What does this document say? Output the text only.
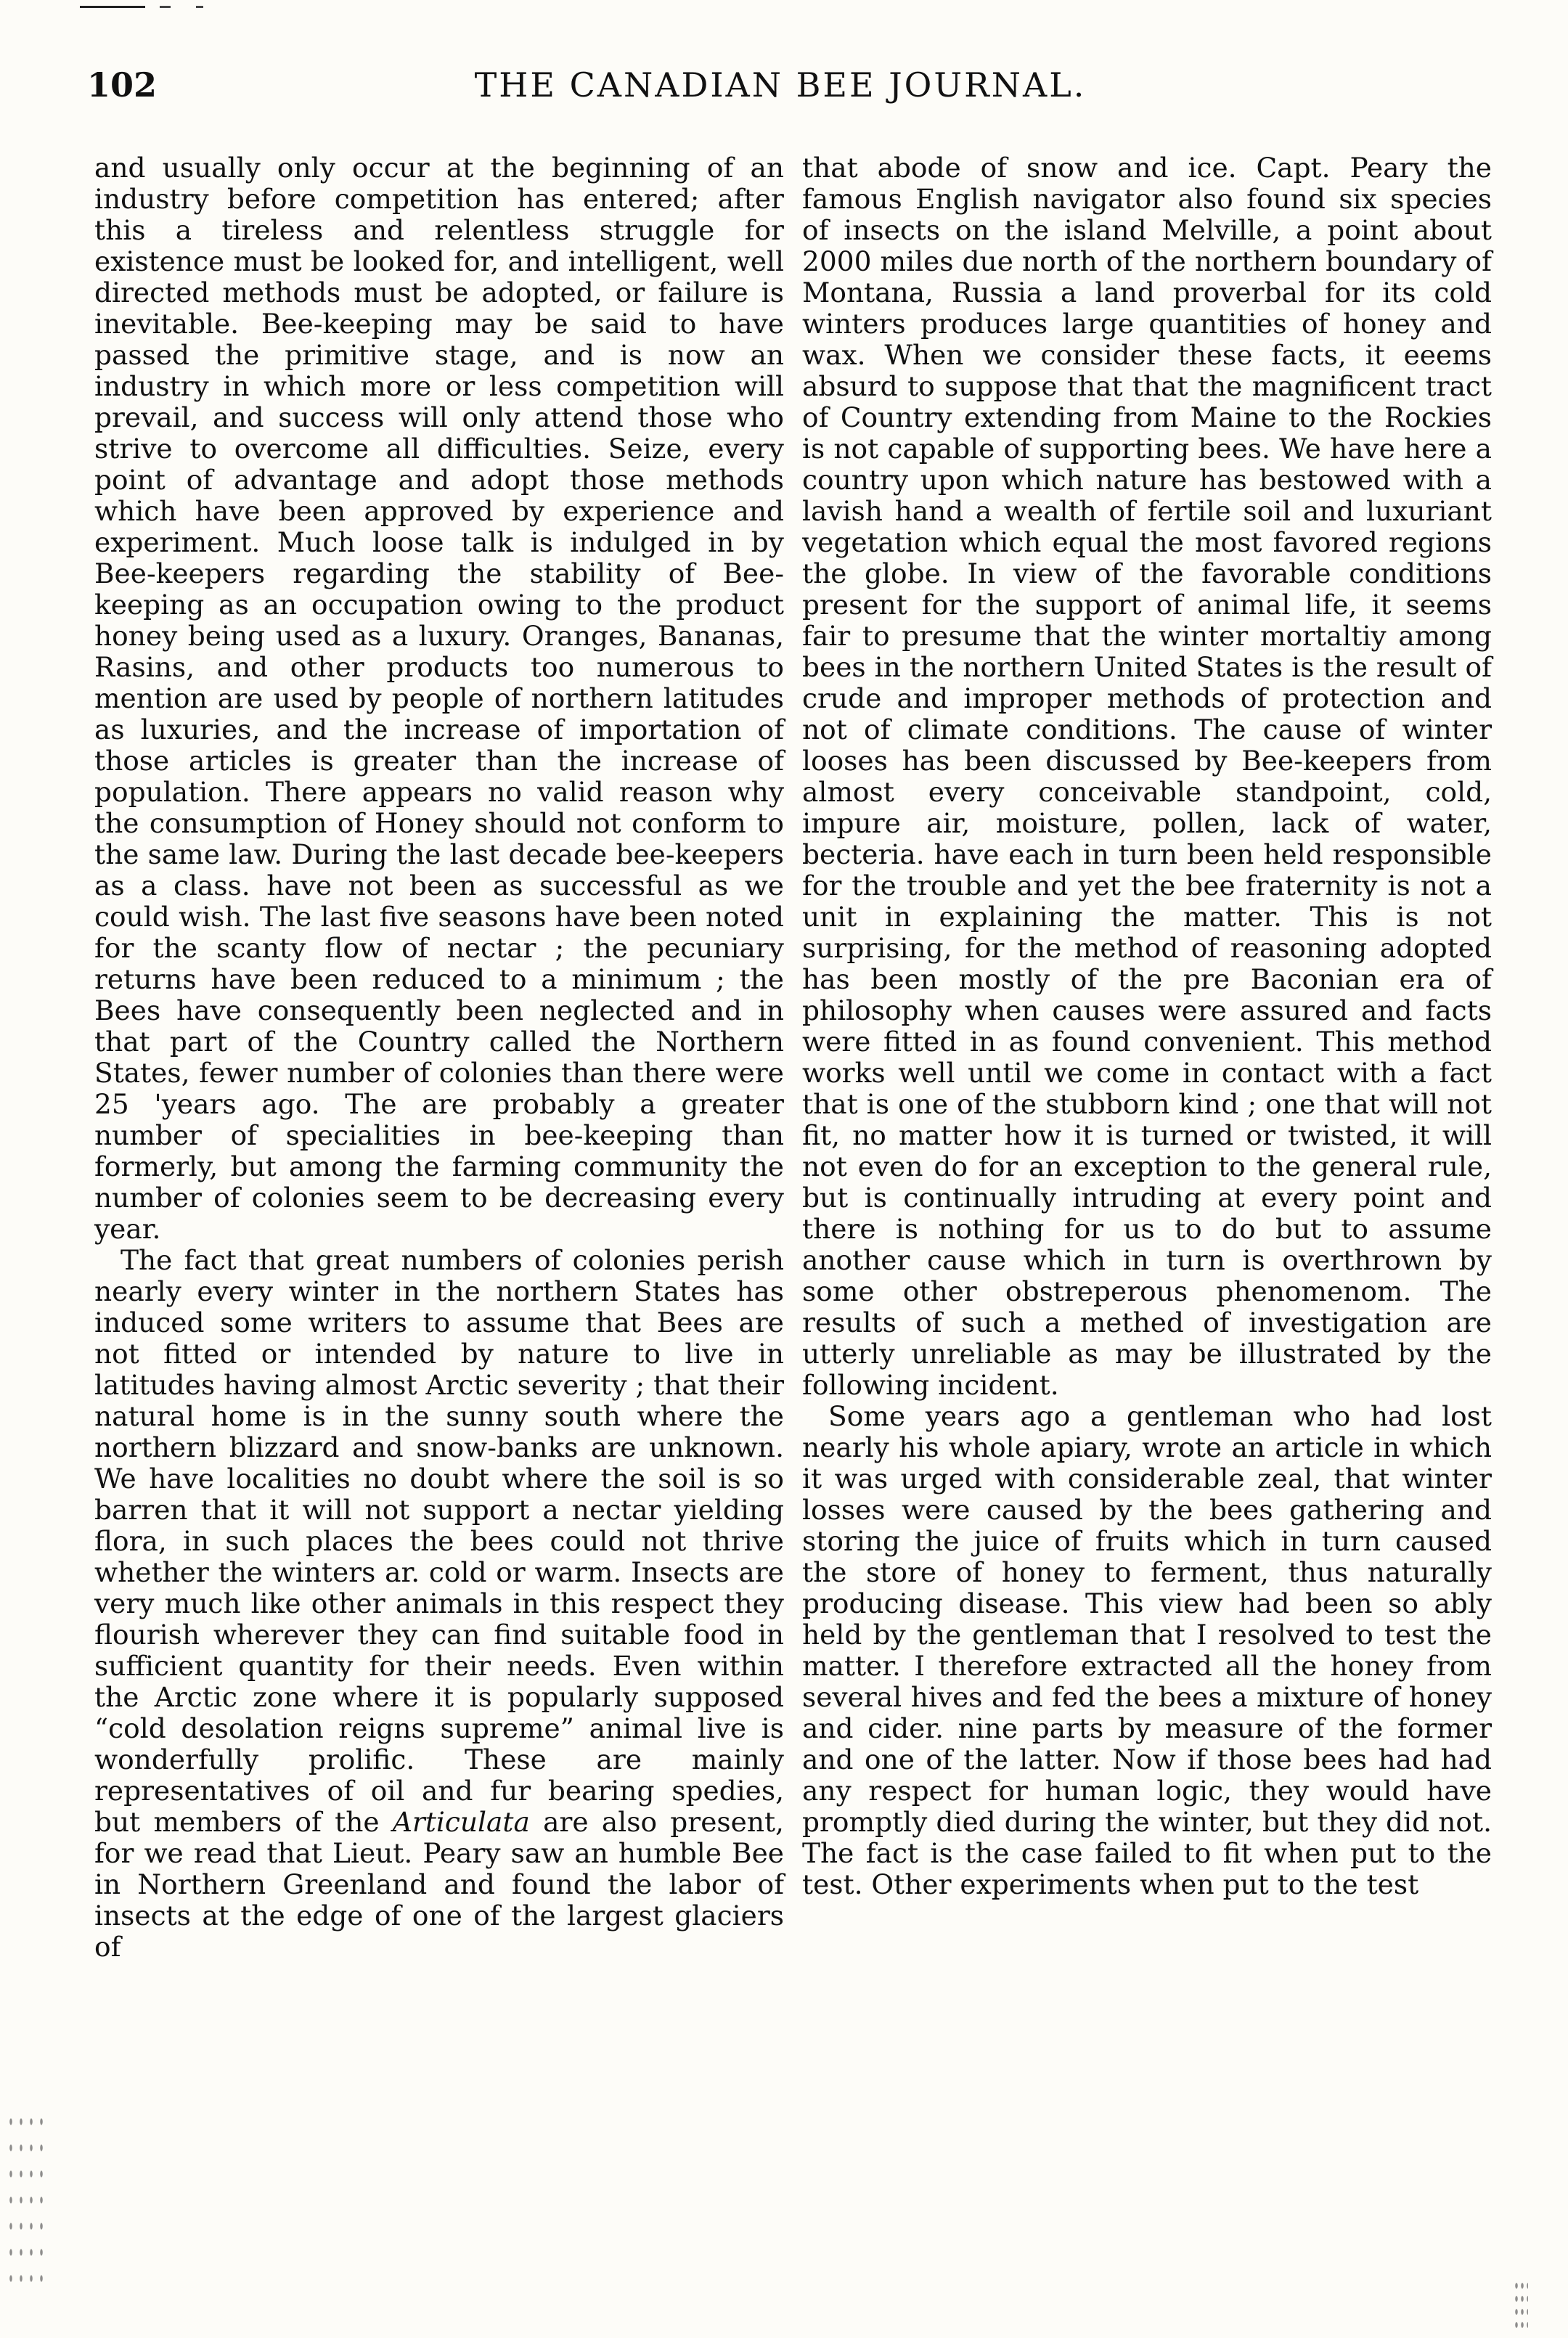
102	THE CANADIAN BEE JOURNAL.

and usually only occur at the beginning of an industry before competition has entered; after this a tireless and relentless struggle for existence must be looked for, and intelligent, well directed methods must be adopted, or failure is inevitable. Bee-keeping may be said to have passed the primitive stage, and is now an industry in which more or less competition will prevail, and success will only attend those who strive to overcome all difficulties. Seize, every point of advantage and adopt those methods which have been approved by experience and experiment. Much loose talk is indulged in by Bee-keepers regarding the stability of Bee-keeping as an occupation owing to the product honey being used as a luxury. Oranges, Bananas, Rasins, and other products too numerous to mention are used by people of northern latitudes as luxuries, and the increase of importation of those articles is greater than the increase of population. There appears no valid reason why the consumption of Honey should not conform to the same law. During the last decade bee-keepers as a class. have not been as successful as we could wish. The last five seasons have been noted for the scanty flow of nectar ; the pecuniary returns have been reduced to a minimum ; the Bees have consequently been neglected and in that part of the Country called the Northern States, fewer number of colonies than there were 25 'years ago. The are probably a greater number of specialities in bee-keeping than formerly, but among the farming community the number of colonies seem to be decreasing every year.

The fact that great numbers of colonies perish nearly every winter in the northern States has induced some writers to assume that Bees are not fitted or intended by nature to live in latitudes having almost Arctic severity ; that their natural home is in the sunny south where the northern blizzard and snow-banks are unknown. We have localities no doubt where the soil is so barren that it will not support a nectar yielding flora, in such places the bees could not thrive whether the winters ar. cold or warm. Insects are very much like other animals in this respect they flourish wherever they can find suitable food in sufficient quantity for their needs. Even within the Arctic zone where it is popularly supposed “cold desolation reigns supreme” animal live is wonderfully prolific. These are mainly representatives of oil and fur bearing spedies, but members of the Articulata are also present, for we read that Lieut. Peary saw an humble Bee in Northern Greenland and found the labor of insects at the edge of one of the largest glaciers of

that abode of snow and ice. Capt. Peary the famous English navigator also found six species of insects on the island Melville, a point about 2000 miles due north of the northern boundary of Montana, Russia a land proverbal for its cold winters produces large quantities of honey and wax. When we consider these facts, it eeems absurd to suppose that that the magnificent tract of Country extending from Maine to the Rockies is not capable of supporting bees. We have here a country upon which nature has bestowed with a lavish hand a wealth of fertile soil and luxuriant vegetation which equal the most favored regions the globe. In view of the favorable conditions present for the support of animal life, it seems fair to presume that the winter mortaltiy among bees in the northern United States is the result of crude and improper methods of protection and not of climate conditions. The cause of winter looses has been discussed by Bee-keepers from almost every conceivable standpoint, cold, impure air, moisture, pollen, lack of water, becteria. have each in turn been held responsible for the trouble and yet the bee fraternity is not a unit in explaining the matter. This is not surprising, for the method of reasoning adopted has been mostly of the pre Baconian era of philosophy when causes were assured and facts were fitted in as found convenient. This method works well until we come in contact with a fact that is one of the stubborn kind ; one that will not fit, no matter how it is turned or twisted, it will not even do for an exception to the general rule, but is continually intruding at every point and there is nothing for us to do but to assume another cause which in turn is overthrown by some other obstreperous phenomenom. The results of such a methed of investigation are utterly unreliable as may be illustrated by the following incident.

Some years ago a gentleman who had lost nearly his whole apiary, wrote an article in which it was urged with considerable zeal, that winter losses were caused by the bees gathering and storing the juice of fruits which in turn caused the store of honey to ferment, thus naturally producing disease. This view had been so ably held by the gentleman that I resolved to test the matter. I therefore extracted all the honey from several hives and fed the bees a mixture of honey and cider. nine parts by measure of the former and one of the latter. Now if those bees had had any respect for human logic, they would have promptly died during the winter, but they did not. The fact is the case failed to fit when put to the test. Other experiments when put to the test
